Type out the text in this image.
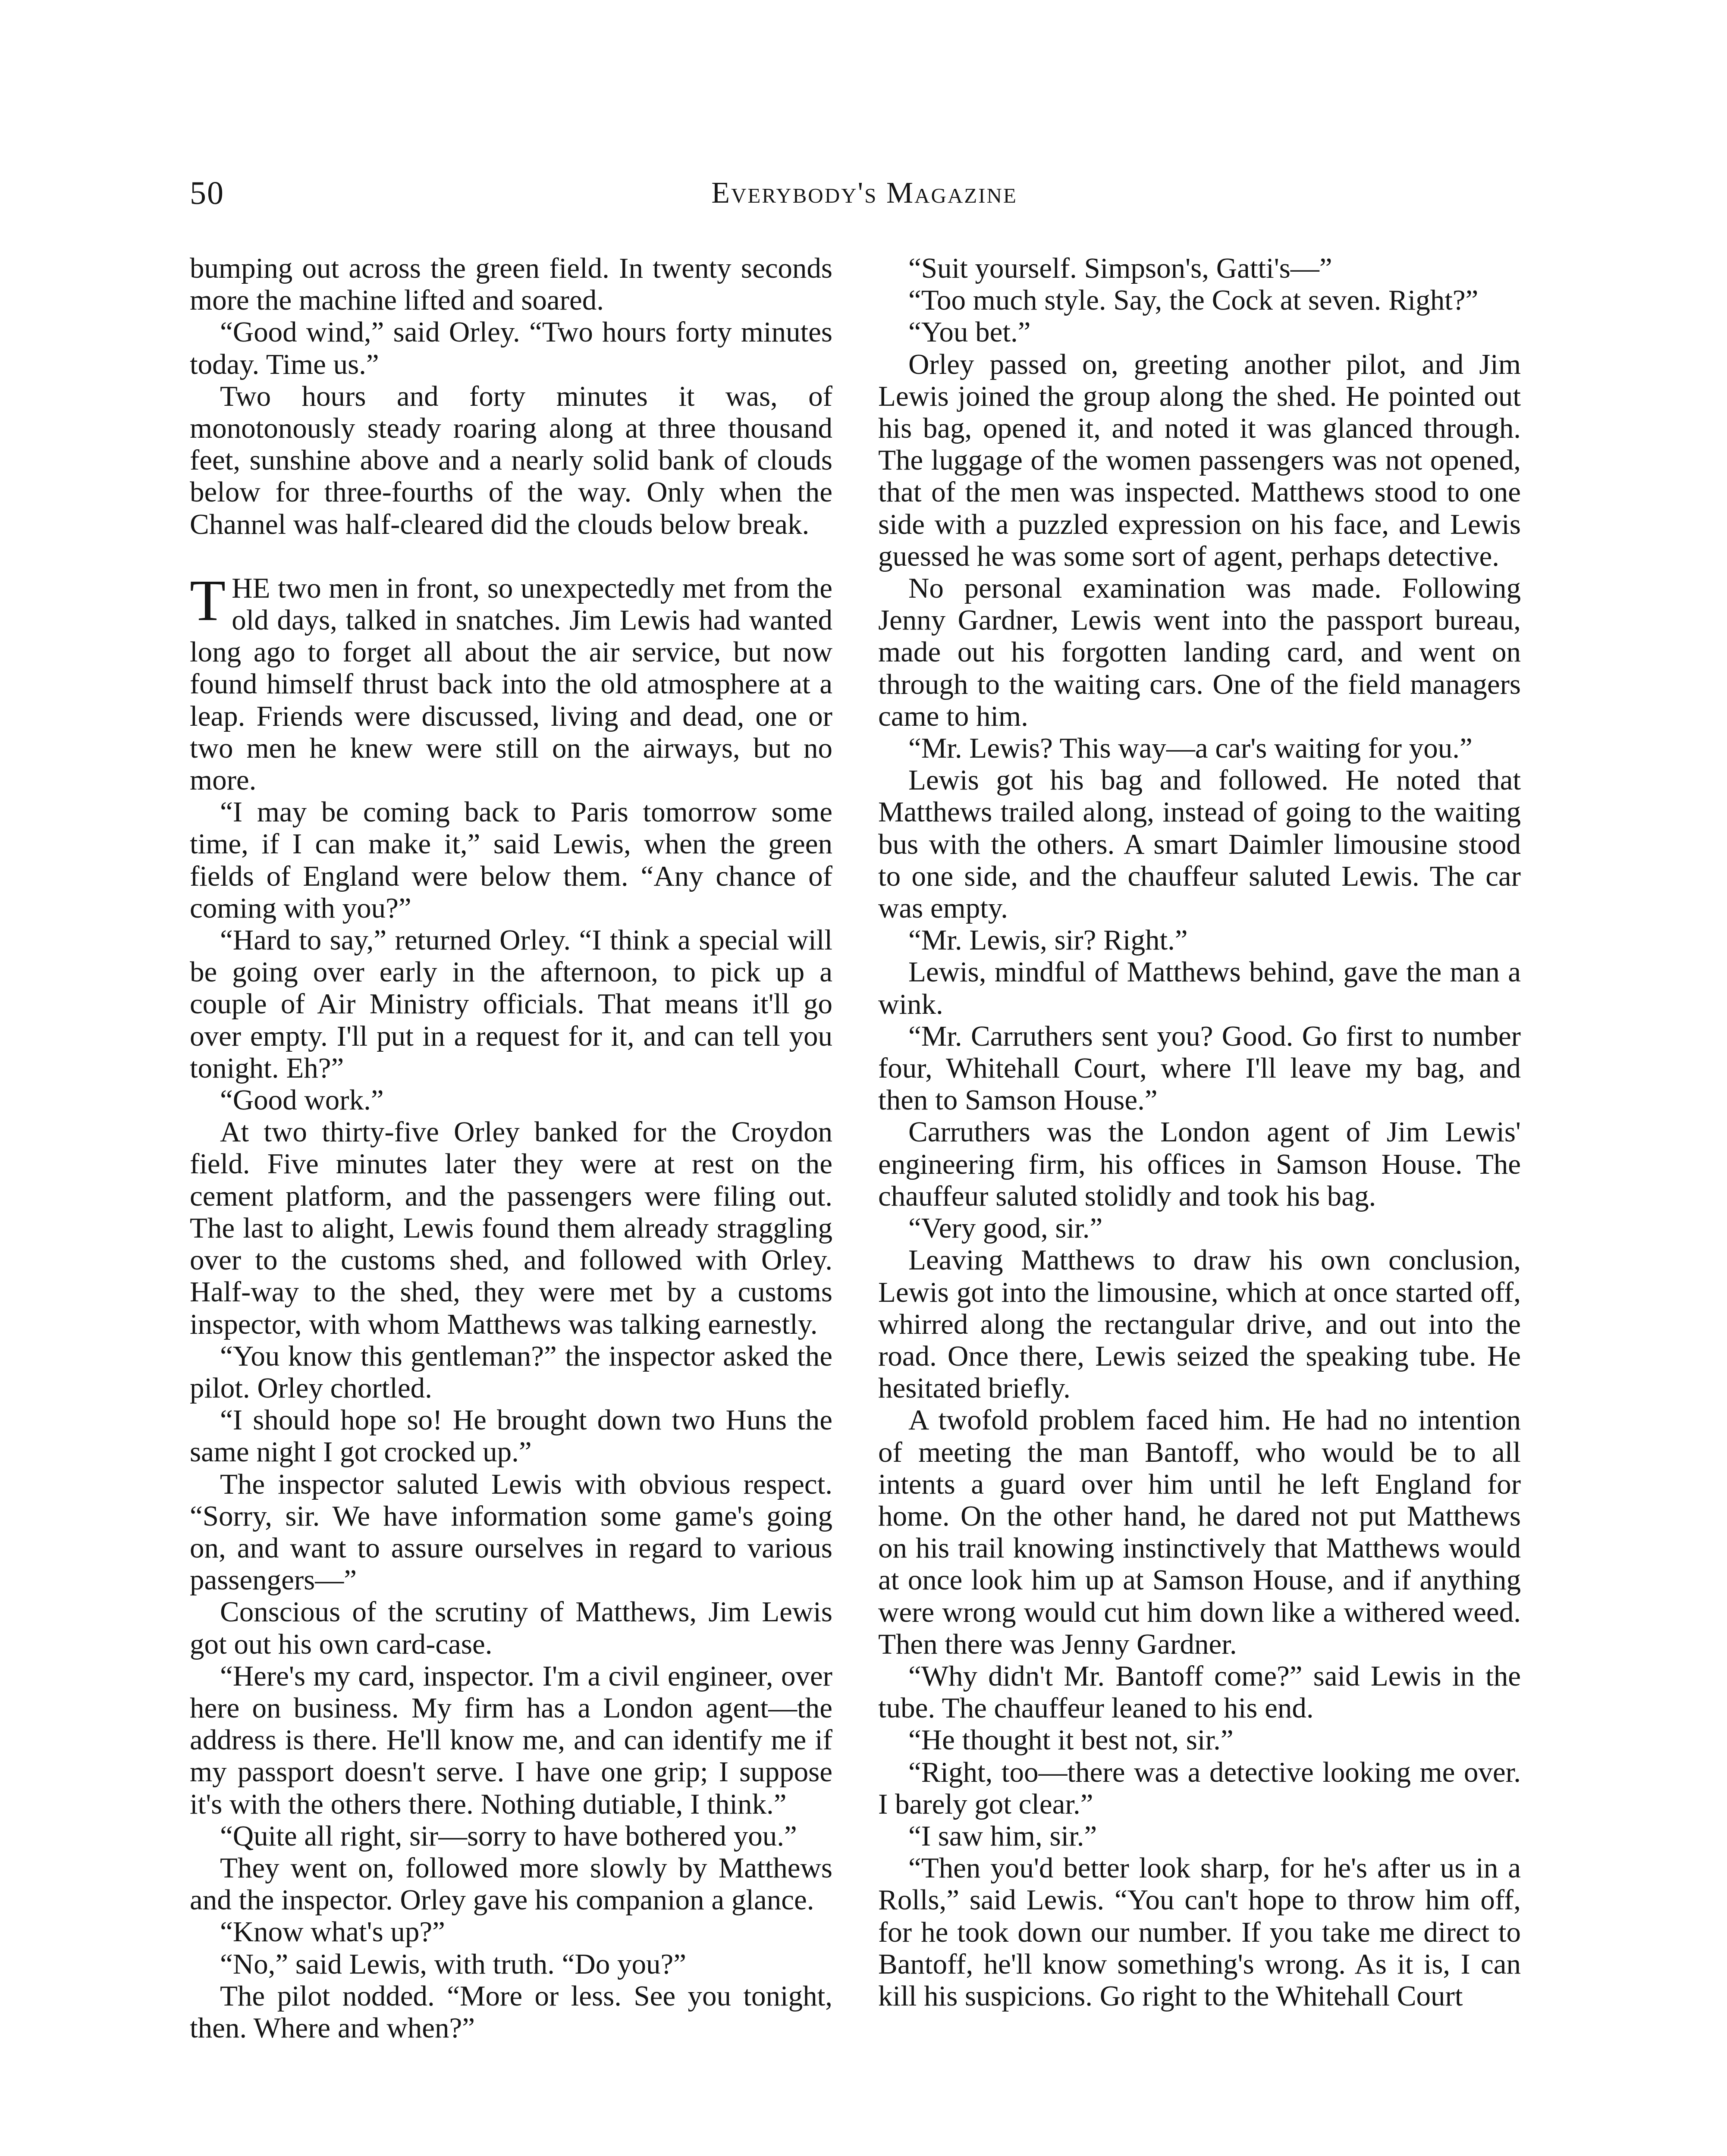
50	Everybody's Magazine

bumping out across the green field. In twenty seconds more the machine lifted and soared.

“Good wind,” said Orley. “Two hours forty minutes today. Time us.”

Two hours and forty minutes it was, of monotonously steady roaring along at three thousand feet, sunshine above and a nearly solid bank of clouds below for three-fourths of the way. Only when the Channel was half-cleared did the clouds below break.

THE two men in front, so unexpectedly met from the old days, talked in snatches. Jim Lewis had wanted long ago to forget all about the air service, but now found himself thrust back into the old atmosphere at a leap. Friends were discussed, living and dead, one or two men he knew were still on the airways, but no more.

“I may be coming back to Paris tomorrow some time, if I can make it,” said Lewis, when the green fields of England were below them. “Any chance of coming with you?”

“Hard to say,” returned Orley. “I think a special will be going over early in the afternoon, to pick up a couple of Air Ministry officials. That means it'll go over empty. I'll put in a request for it, and can tell you tonight. Eh?”

“Good work.”

At two thirty-five Orley banked for the Croydon field. Five minutes later they were at rest on the cement platform, and the passengers were filing out. The last to alight, Lewis found them already straggling over to the customs shed, and followed with Orley. Half-way to the shed, they were met by a customs inspector, with whom Matthews was talking earnestly.

“You know this gentleman?” the inspector asked the pilot. Orley chortled.

“I should hope so! He brought down two Huns the same night I got crocked up.”

The inspector saluted Lewis with obvious respect. “Sorry, sir. We have information some game's going on, and want to assure ourselves in regard to various passengers—”

Conscious of the scrutiny of Matthews, Jim Lewis got out his own card-case.

“Here's my card, inspector. I'm a civil engineer, over here on business. My firm has a London agent—the address is there. He'll know me, and can identify me if my passport doesn't serve. I have one grip; I suppose it's with the others there. Nothing dutiable, I think.”

“Quite all right, sir—sorry to have bothered you.”

They went on, followed more slowly by Matthews and the inspector. Orley gave his companion a glance.

“Know what's up?”

“No,” said Lewis, with truth. “Do you?”

The pilot nodded. “More or less. See you tonight, then. Where and when?”

“Suit yourself. Simpson's, Gatti's—”

“Too much style. Say, the Cock at seven. Right?”

“You bet.”

Orley passed on, greeting another pilot, and Jim Lewis joined the group along the shed. He pointed out his bag, opened it, and noted it was glanced through. The luggage of the women passengers was not opened, that of the men was inspected. Matthews stood to one side with a puzzled expression on his face, and Lewis guessed he was some sort of agent, perhaps detective.

No personal examination was made. Following Jenny Gardner, Lewis went into the passport bureau, made out his forgotten landing card, and went on through to the waiting cars. One of the field managers came to him.

“Mr. Lewis? This way—a car's waiting for you.”

Lewis got his bag and followed. He noted that Matthews trailed along, instead of going to the waiting bus with the others. A smart Daimler limousine stood to one side, and the chauffeur saluted Lewis. The car was empty.

“Mr. Lewis, sir? Right.”

Lewis, mindful of Matthews behind, gave the man a wink.

“Mr. Carruthers sent you? Good. Go first to number four, Whitehall Court, where I'll leave my bag, and then to Samson House.”

Carruthers was the London agent of Jim Lewis' engineering firm, his offices in Samson House. The chauffeur saluted stolidly and took his bag.

“Very good, sir.”

Leaving Matthews to draw his own conclusion, Lewis got into the limousine, which at once started off, whirred along the rectangular drive, and out into the road. Once there, Lewis seized the speaking tube. He hesitated briefly.

A twofold problem faced him. He had no intention of meeting the man Bantoff, who would be to all intents a guard over him until he left England for home. On the other hand, he dared not put Matthews on his trail knowing instinctively that Matthews would at once look him up at Samson House, and if anything were wrong would cut him down like a withered weed. Then there was Jenny Gardner.

“Why didn't Mr. Bantoff come?” said Lewis in the tube. The chauffeur leaned to his end.

“He thought it best not, sir.”

“Right, too—there was a detective looking me over. I barely got clear.”

“I saw him, sir.”

“Then you'd better look sharp, for he's after us in a Rolls,” said Lewis. “You can't hope to throw him off, for he took down our number. If you take me direct to Bantoff, he'll know something's wrong. As it is, I can kill his suspicions. Go right to the Whitehall Court
